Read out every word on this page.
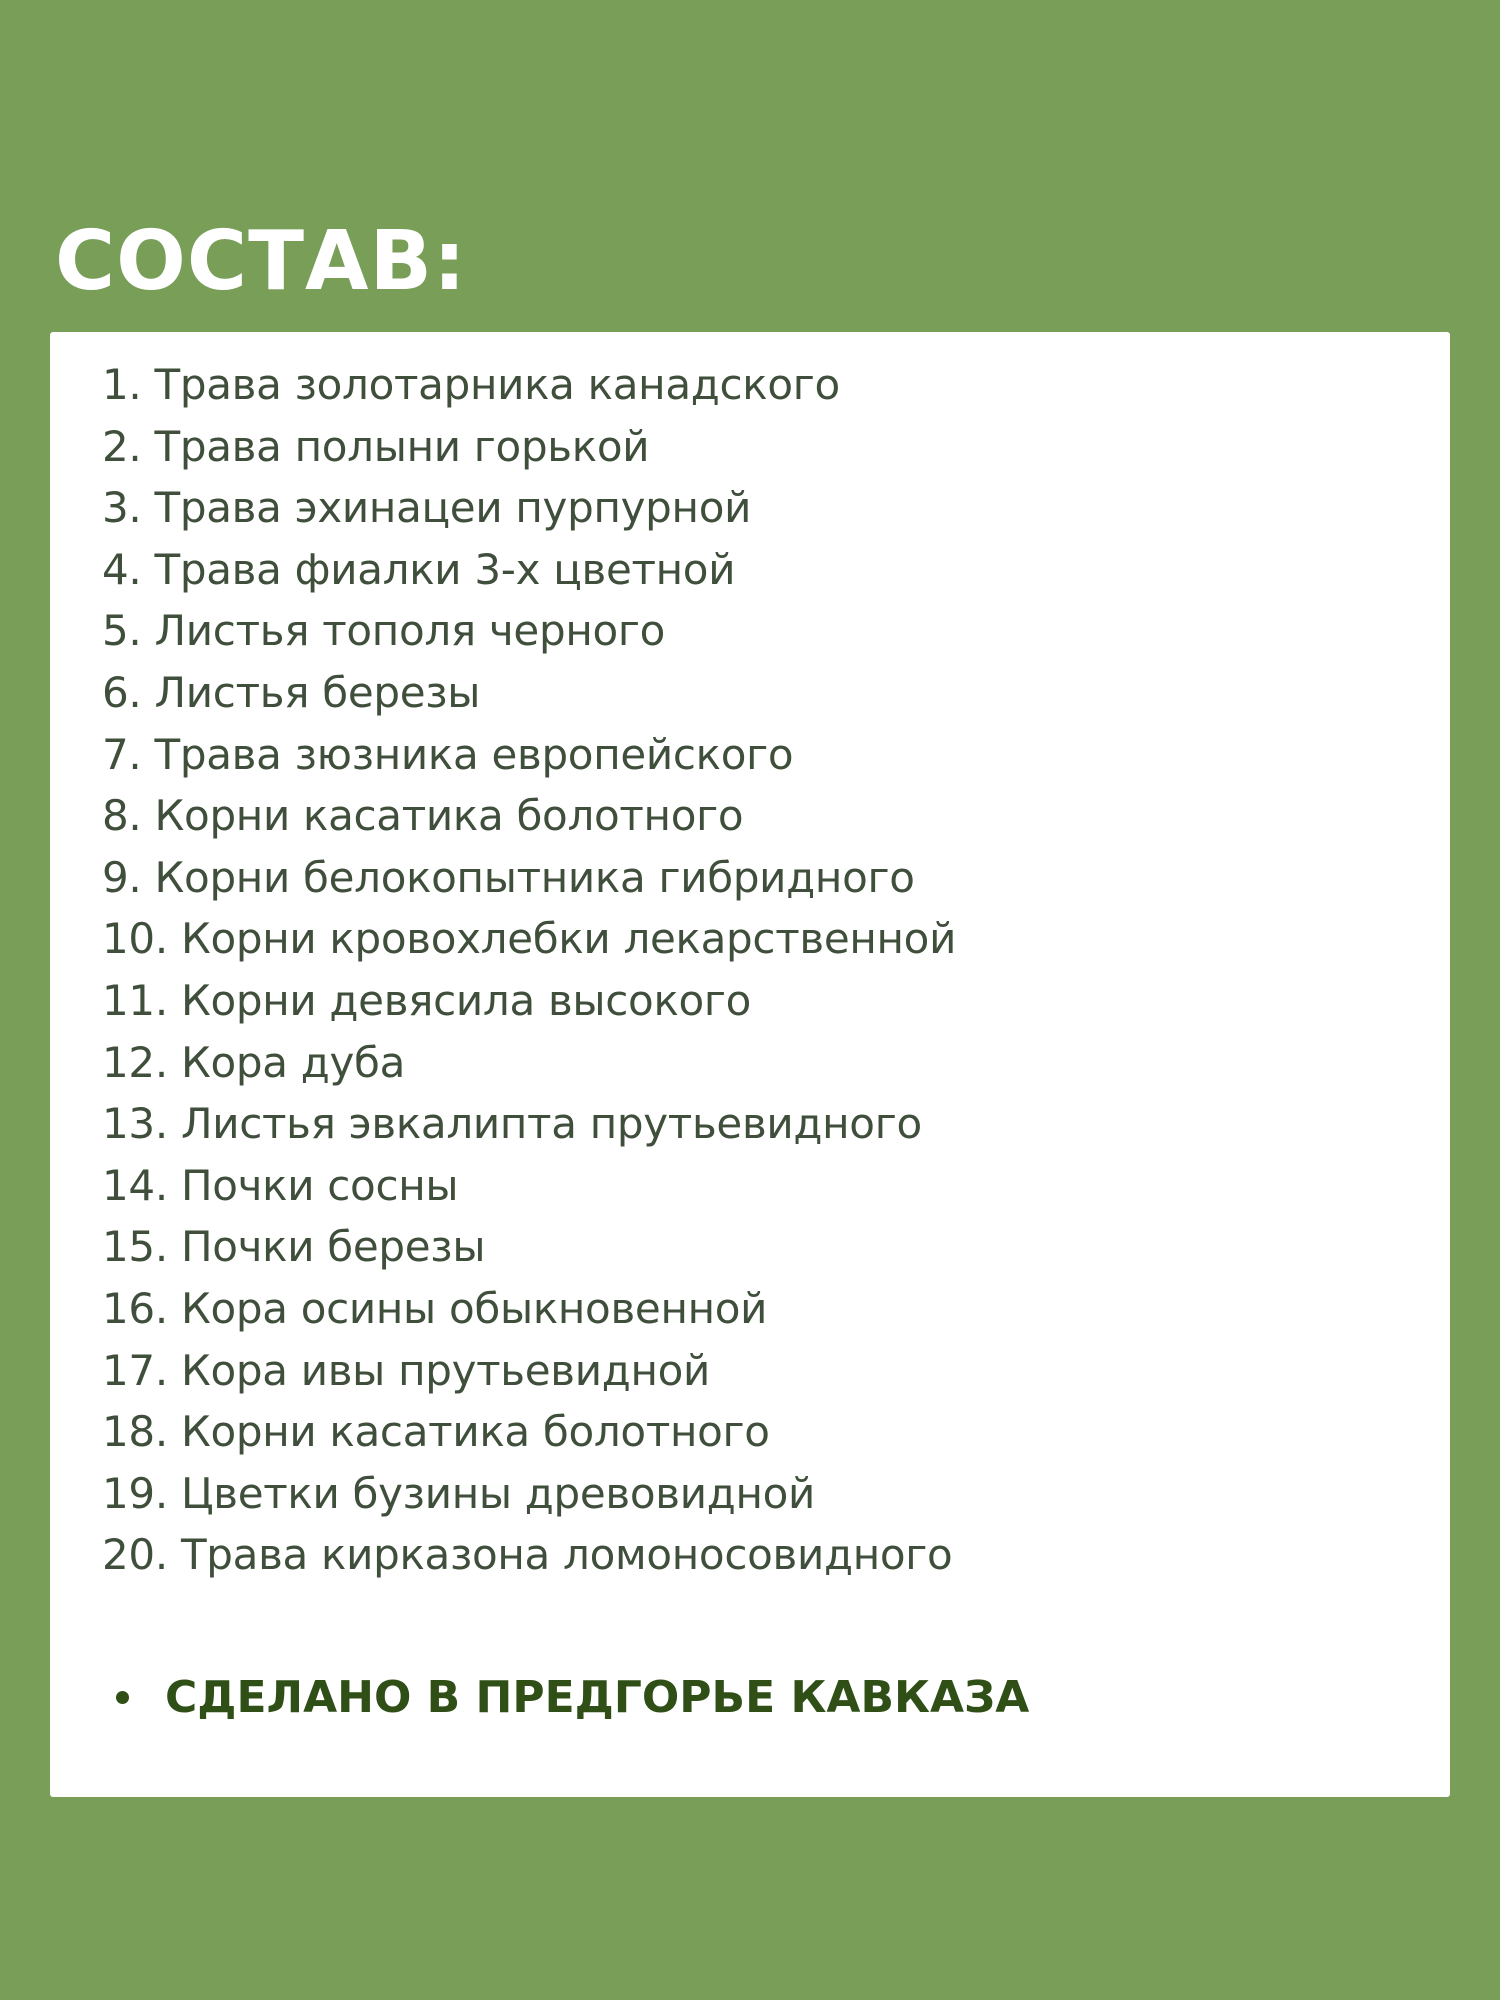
СОСТАВ:
1. Трава золотарника канадского
2. Трава полыни горькой
3. Трава эхинацеи пурпурной
4. Трава фиалки 3-х цветной
5. Листья тополя черного
6. Листья березы
7. Трава зюзника европейского
8. Корни касатика болотного
9. Корни белокопытника гибридного
10. Корни кровохлебки лекарственной
11. Корни девясила высокого
12. Кора дуба
13. Листья эвкалипта прутьевидного
14. Почки сосны
15. Почки березы
16. Кора осины обыкновенной
17. Кора ивы прутьевидной
18. Корни касатика болотного
19. Цветки бузины древовидной
20. Трава кирказона ломоносовидного
СДЕЛАНО В ПРЕДГОРЬЕ КАВКАЗА
